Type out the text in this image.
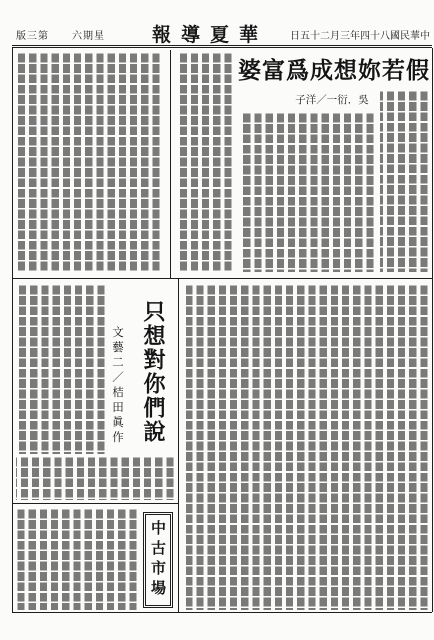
第三版 星期六 華夏導報 中華民國八十四年三月二十五日
假若妳想成爲富婆
吳．衍一／洋子
只想對你們說
文藝二／桔田眞作
中古市場
